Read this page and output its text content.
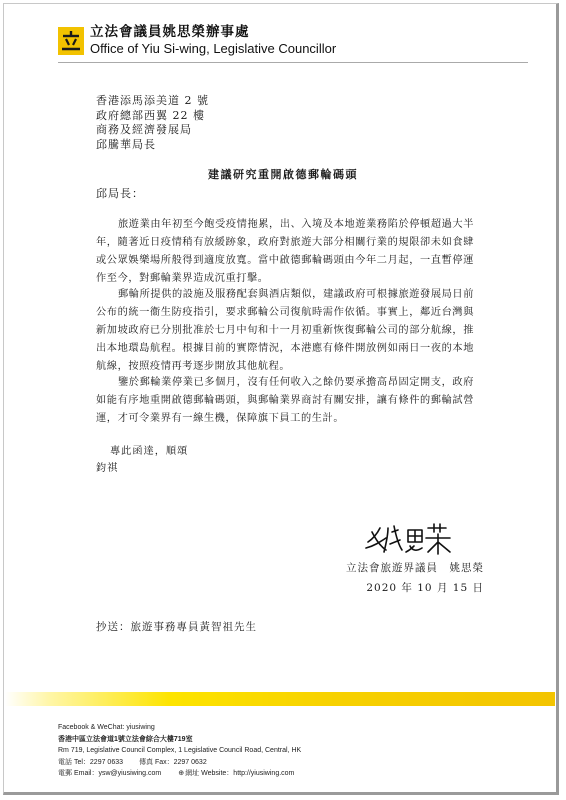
立法會議員姚思榮辦事處
Office of Yiu Si-wing, Legislative Councillor
香港添馬添美道 2 號
政府總部西翼 22 樓
商務及經濟發展局
邱騰華局長
建議研究重開啟德郵輪碼頭
邱局長：

旅遊業由年初至今飽受疫情拖累，出、入境及本地遊業務陷於停頓超過大半年，隨著近日疫情稍有放緩跡象，政府對旅遊大部分相關行業的規限卻未如食肆或公眾娛樂場所般得到適度放寬。當中啟德郵輪碼頭由今年二月起，一直暫停運作至今，對郵輪業界造成沉重打擊。

郵輪所提供的設施及服務配套與酒店類似，建議政府可根據旅遊發展局日前公布的統一衞生防疫指引，要求郵輪公司復航時需作依循。事實上，鄰近台灣與新加坡政府已分別批准於七月中旬和十一月初重新恢復郵輪公司的部分航線，推出本地環島航程。根據目前的實際情況，本港應有條件開放例如兩日一夜的本地航線，按照疫情再考逐步開放其他航程。

鑒於郵輪業停業已多個月，沒有任何收入之餘仍要承擔高昂固定開支，政府如能有序地重開啟德郵輪碼頭，與郵輪業界商討有關安排，讓有條件的郵輪試營運，才可令業界有一線生機，保障旗下員工的生計。

專此函達，順頌
鈞祺
立法會旅遊界議員　姚思榮
2020 年 10 月 15 日
抄送：旅遊事務專員黃智祖先生
Facebook & WeChat: yiusiwing
香港中區立法會道1號立法會綜合大樓719室
Rm 719, Legislative Council Complex, 1 Legislative Council Road, Central, HK
電話 Tel：2297 0633 傳真 Fax：2297 0632
電郵 Email：ysw@yiusiwing.com ⊕網址 Website：http://yiusiwing.com
